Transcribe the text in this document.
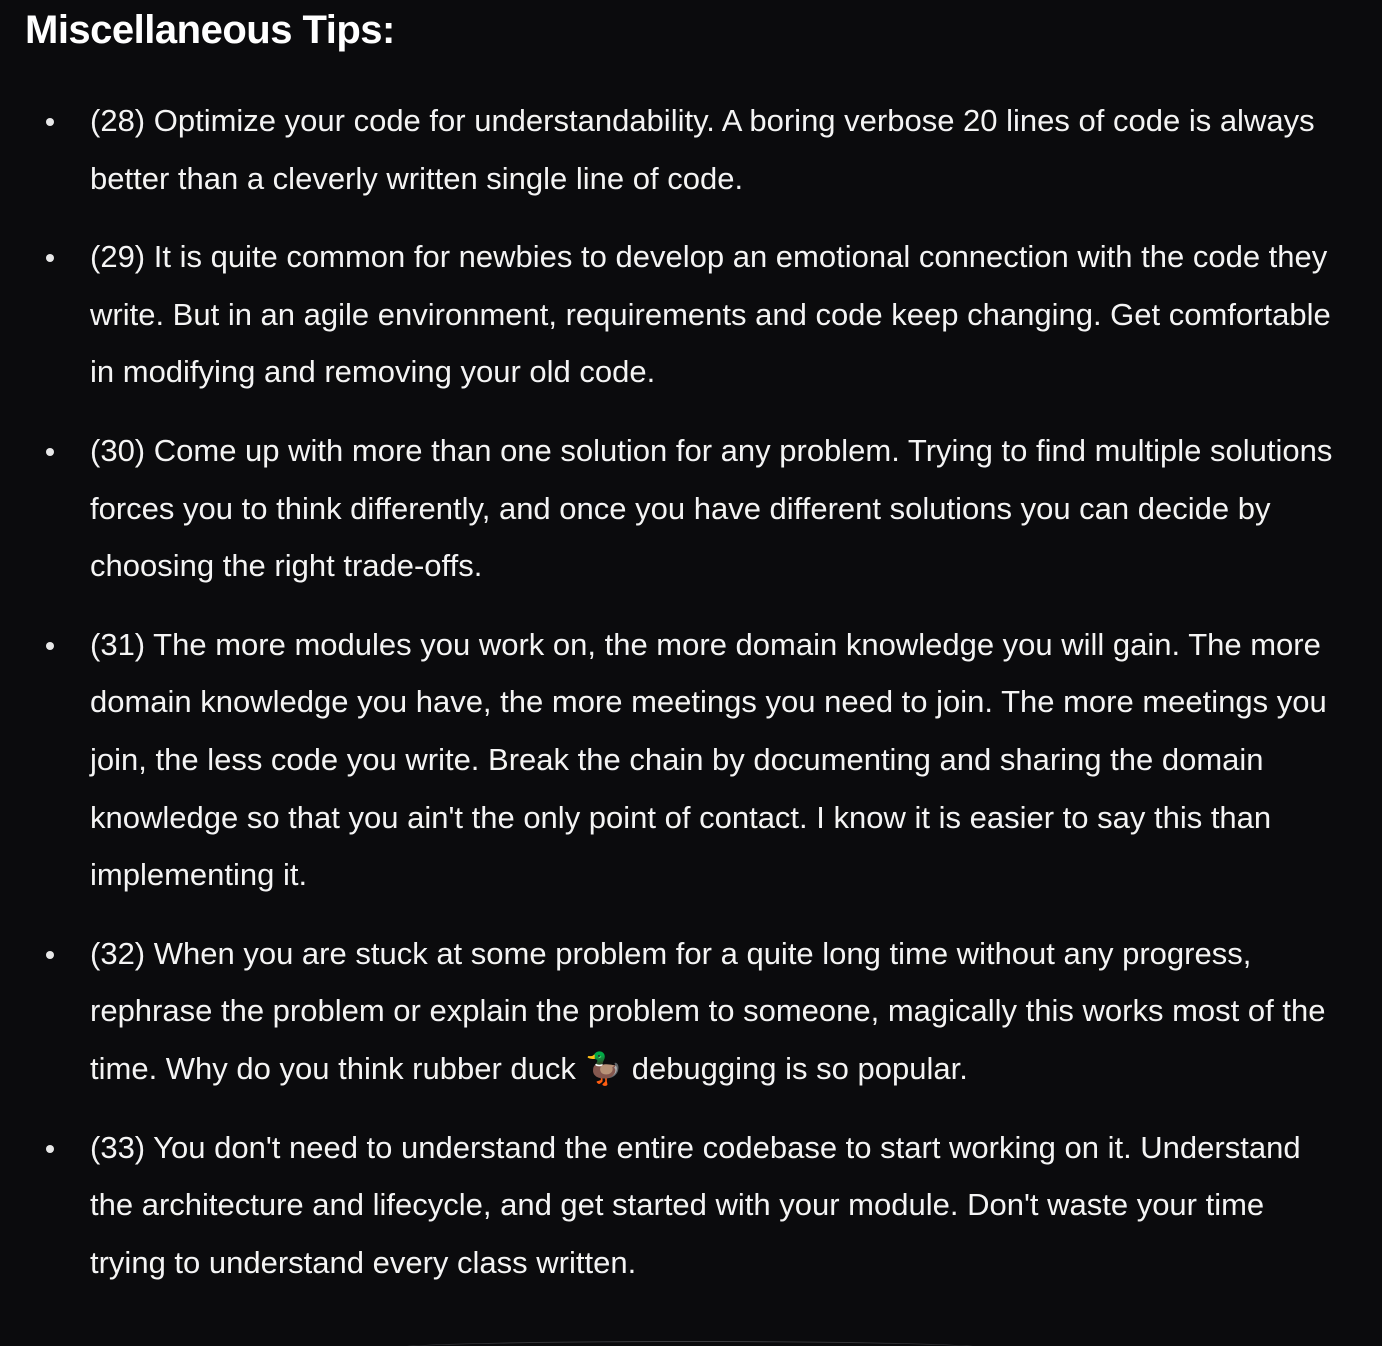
Miscellaneous Tips:
(28) Optimize your code for understandability. A boring verbose 20 lines of code is always better than a cleverly written single line of code.
(29) It is quite common for newbies to develop an emotional connection with the code they write. But in an agile environment, requirements and code keep changing. Get comfortable in modifying and removing your old code.
(30) Come up with more than one solution for any problem. Trying to find multiple solutions forces you to think differently, and once you have different solutions you can decide by choosing the right trade-offs.
(31) The more modules you work on, the more domain knowledge you will gain. The more domain knowledge you have, the more meetings you need to join. The more meetings you join, the less code you write. Break the chain by documenting and sharing the domain knowledge so that you ain't the only point of contact. I know it is easier to say this than implementing it.
(32) When you are stuck at some problem for a quite long time without any progress, rephrase the problem or explain the problem to someone, magically this works most of the time. Why do you think rubber duck 🦆 debugging is so popular.
(33) You don't need to understand the entire codebase to start working on it. Understand the architecture and lifecycle, and get started with your module. Don't waste your time trying to understand every class written.
